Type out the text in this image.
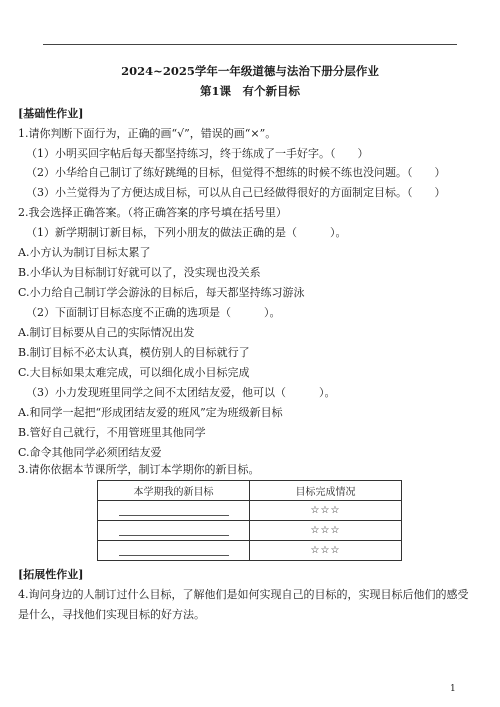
2024~2025学年一年级道德与法治下册分层作业
第1课　有个新目标
[基础性作业]
1.请你判断下面行为，正确的画“√”，错误的画“×”。
（1）小明买回字帖后每天都坚持练习，终于练成了一手好字。（　　）
（2）小华给自己制订了练好跳绳的目标，但觉得不想练的时候不练也没问题。（　　）
（3）小兰觉得为了方便达成目标，可以从自己已经做得很好的方面制定目标。（　　）
2.我会选择正确答案。（将正确答案的序号填在括号里）
（1）新学期制订新目标，下列小朋友的做法正确的是（　　　）。
A.小方认为制订目标太累了
B.小华认为目标制订好就可以了，没实现也没关系
C.小力给自己制订学会游泳的目标后，每天都坚持练习游泳
（2）下面制订目标态度不正确的选项是（　　　）。
A.制订目标要从自己的实际情况出发
B.制订目标不必太认真，模仿别人的目标就行了
C.大目标如果太难完成，可以细化成小目标完成
（3）小力发现班里同学之间不太团结友爱，他可以（　　　）。
A.和同学一起把“形成团结友爱的班风”定为班级新目标
B.管好自己就行，不用管班里其他同学
C.命令其他同学必须团结友爱
3.请你依据本节课所学，制订本学期你的新目标。
本学期我的新目标	目标完成情况
	☆☆☆
	☆☆☆
	☆☆☆
[拓展性作业]
4.询问身边的人制订过什么目标，了解他们是如何实现自己的目标的，实现目标后他们的感受
是什么，寻找他们实现目标的好方法。
1
